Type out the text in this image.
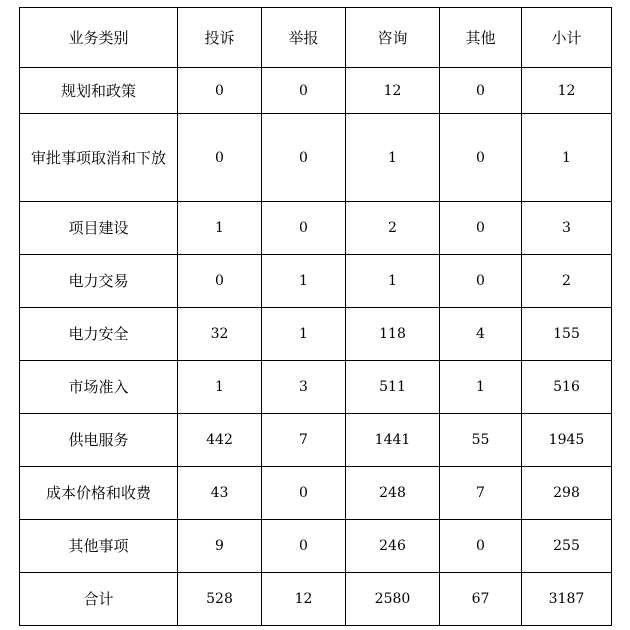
业务类别	投诉	举报	咨询	其他	小计
规划和政策	0	0	12	0	12
审批事项取消和下放	0	0	1	0	1
项目建设	1	0	2	0	3
电力交易	0	1	1	0	2
电力安全	32	1	118	4	155
市场准入	1	3	511	1	516
供电服务	442	7	1441	55	1945
成本价格和收费	43	0	248	7	298
其他事项	9	0	246	0	255
合计	528	12	2580	67	3187
